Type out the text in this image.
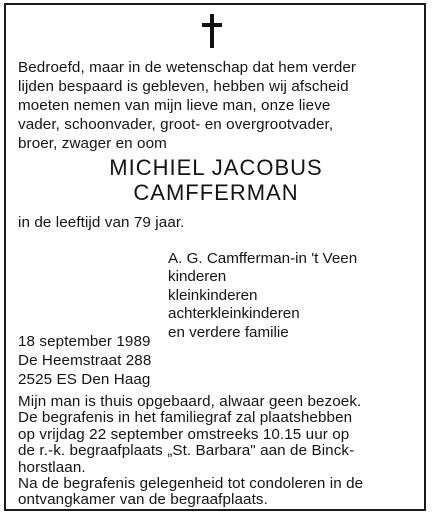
Bedroefd, maar in de wetenschap dat hem verder
lijden bespaard is gebleven, hebben wij afscheid
moeten nemen van mijn lieve man, onze lieve
vader, schoonvader, groot- en overgrootvader,
broer, zwager en oom
MICHIEL JACOBUS
CAMFFERMAN
in de leeftijd van 79 jaar.
A. G. Camfferman-in 't Veen
kinderen
kleinkinderen
achterkleinkinderen
en verdere familie
18 september 1989
De Heemstraat 288
2525 ES Den Haag
Mijn man is thuis opgebaard, alwaar geen bezoek.
De begrafenis in het familiegraf zal plaatshebben
op vrijdag 22 september omstreeks 10.15 uur op
de r.-k. begraafplaats „St. Barbara" aan de Binck-
horstlaan.
Na de begrafenis gelegenheid tot condoleren in de
ontvangkamer van de begraafplaats.
